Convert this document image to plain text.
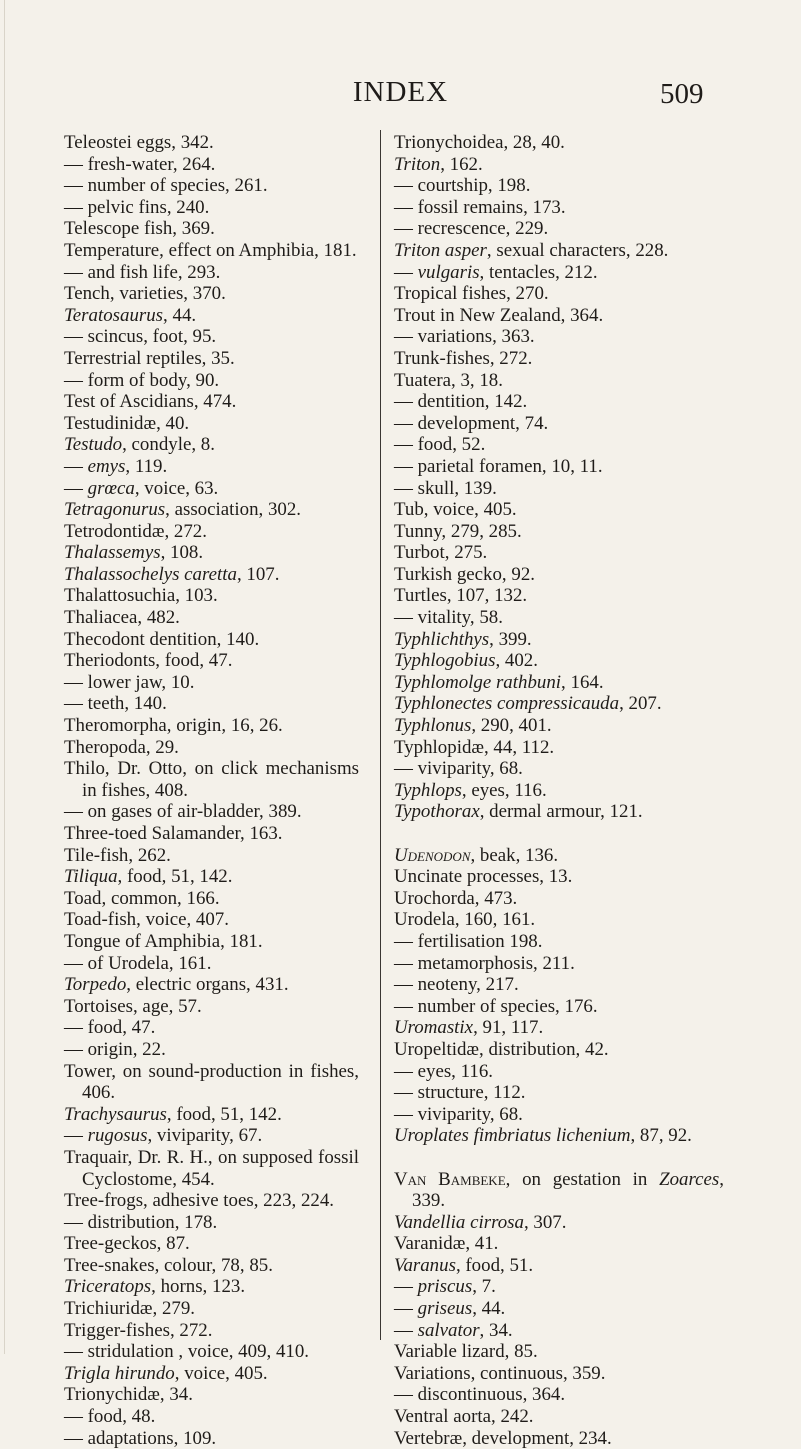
INDEX	509
Teleostei eggs, 342.
— fresh-water, 264.
— number of species, 261.
— pelvic fins, 240.
Telescope fish, 369.
Temperature, effect on Amphibia, 181.
— and fish life, 293.
Tench, varieties, 370.
Teratosaurus, 44.
— scincus, foot, 95.
Terrestrial reptiles, 35.
— form of body, 90.
Test of Ascidians, 474.
Testudinidæ, 40.
Testudo, condyle, 8.
— emys, 119.
— grœca, voice, 63.
Tetragonurus, association, 302.
Tetrodontidæ, 272.
Thalassemys, 108.
Thalassochelys caretta, 107.
Thalattosuchia, 103.
Thaliacea, 482.
Thecodont dentition, 140.
Theriodonts, food, 47.
— lower jaw, 10.
— teeth, 140.
Theromorpha, origin, 16, 26.
Theropoda, 29.
Thilo, Dr. Otto, on click mechanisms in fishes, 408.
— on gases of air-bladder, 389.
Three-toed Salamander, 163.
Tile-fish, 262.
Tiliqua, food, 51, 142.
Toad, common, 166.
Toad-fish, voice, 407.
Tongue of Amphibia, 181.
— of Urodela, 161.
Torpedo, electric organs, 431.
Tortoises, age, 57.
— food, 47.
— origin, 22.
Tower, on sound-production in fishes, 406.
Trachysaurus, food, 51, 142.
— rugosus, viviparity, 67.
Traquair, Dr. R. H., on supposed fossil Cyclostome, 454.
Tree-frogs, adhesive toes, 223, 224.
— distribution, 178.
Tree-geckos, 87.
Tree-snakes, colour, 78, 85.
Triceratops, horns, 123.
Trichiuridæ, 279.
Trigger-fishes, 272.
— stridulation , voice, 409, 410.
Trigla hirundo, voice, 405.
Trionychidæ, 34.
— food, 48.
— adaptations, 109.
Trionychoidea, 28, 40.
Triton, 162.
— courtship, 198.
— fossil remains, 173.
— recrescence, 229.
Triton asper, sexual characters, 228.
— vulgaris, tentacles, 212.
Tropical fishes, 270.
Trout in New Zealand, 364.
— variations, 363.
Trunk-fishes, 272.
Tuatera, 3, 18.
— dentition, 142.
— development, 74.
— food, 52.
— parietal foramen, 10, 11.
— skull, 139.
Tub, voice, 405.
Tunny, 279, 285.
Turbot, 275.
Turkish gecko, 92.
Turtles, 107, 132.
— vitality, 58.
Typhlichthys, 399.
Typhlogobius, 402.
Typhlomolge rathbuni, 164.
Typhlonectes compressicauda, 207.
Typhlonus, 290, 401.
Typhlopidæ, 44, 112.
— viviparity, 68.
Typhlops, eyes, 116.
Typothorax, dermal armour, 121.
Udenodon, beak, 136.
Uncinate processes, 13.
Urochorda, 473.
Urodela, 160, 161.
— fertilisation 198.
— metamorphosis, 211.
— neoteny, 217.
— number of species, 176.
Uromastix, 91, 117.
Uropeltidæ, distribution, 42.
— eyes, 116.
— structure, 112.
— viviparity, 68.
Uroplates fimbriatus lichenium, 87, 92.
Van Bambeke, on gestation in Zoarces, 339.
Vandellia cirrosa, 307.
Varanidæ, 41.
Varanus, food, 51.
— priscus, 7.
— griseus, 44.
— salvator, 34.
Variable lizard, 85.
Variations, continuous, 359.
— discontinuous, 364.
Ventral aorta, 242.
Vertebræ, development, 234.
